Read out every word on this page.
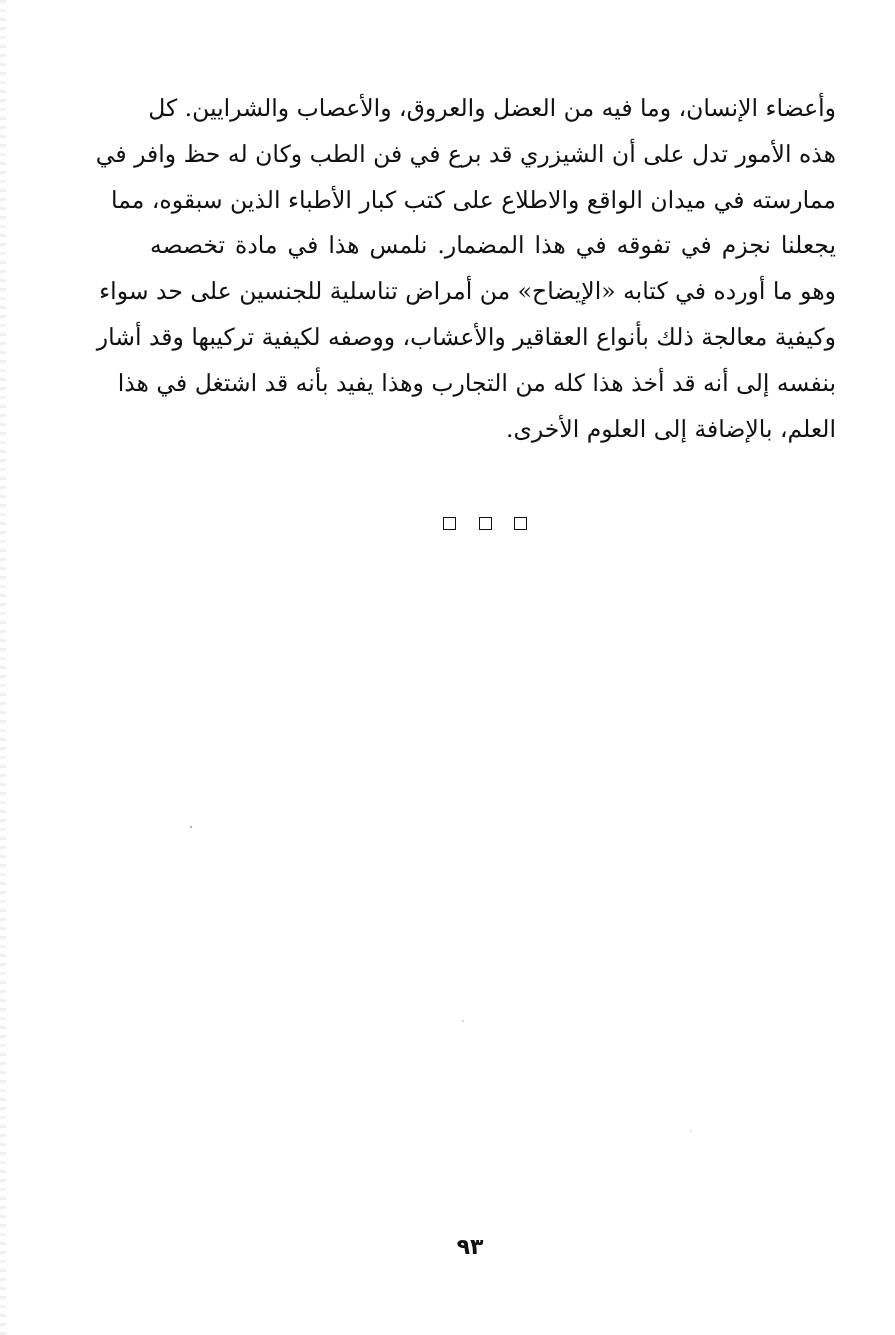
وأعضاء الإنسان، وما فيه من العضل والعروق، والأعصاب والشرايين. كل
هذه الأمور تدل على أن الشيزري قد برع في فن الطب وكان له حظ وافر في
ممارسته في ميدان الواقع والاطلاع على كتب كبار الأطباء الذين سبقوه، مما
يجعلنا نجزم في تفوقه في هذا المضمار. نلمس هذا في مادة تخصصه
وهو ما أورده في كتابه «الإيضاح» من أمراض تناسلية للجنسين على حد سواء
وكيفية معالجة ذلك بأنواع العقاقير والأعشاب، ووصفه لكيفية تركيبها وقد أشار
بنفسه إلى أنه قد أخذ هذا كله من التجارب وهذا يفيد بأنه قد اشتغل في هذا
العلم، بالإضافة إلى العلوم الأخرى.
٩٣
